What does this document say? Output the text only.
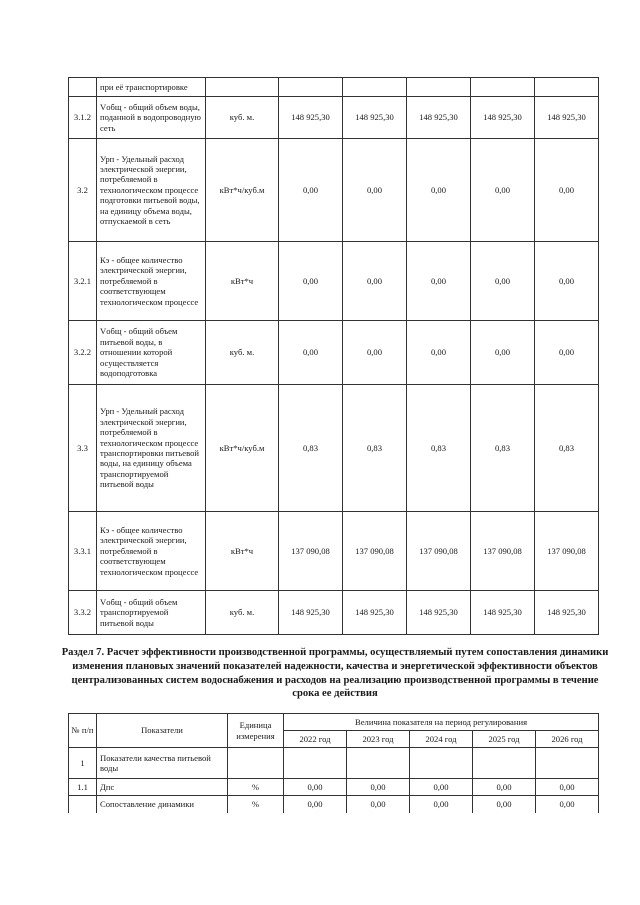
	при её транспортировке						
3.1.2	Vобщ - общий объем воды, поданной в водопроводную сеть	куб. м.	148 925,30	148 925,30	148 925,30	148 925,30	148 925,30
3.2	Урп - Удельный расход электрической энергии, потребляемой в технологическом процессе подготовки питьевой воды, на единицу объема воды, отпускаемой в сеть	кВт*ч/куб.м	0,00	0,00	0,00	0,00	0,00
3.2.1	Кэ - общее количество электрической энергии, потребляемой в соответствующем технологическом процессе	кВт*ч	0,00	0,00	0,00	0,00	0,00
3.2.2	Vобщ - общий объем питьевой воды, в отношении которой осуществляется водоподготовка	куб. м.	0,00	0,00	0,00	0,00	0,00
3.3	Урп - Удельный расход электрической энергии, потребляемой в технологическом процессе транспортировки питьевой воды, на единицу объема транспортируемой питьевой воды	кВт*ч/куб.м	0,83	0,83	0,83	0,83	0,83
3.3.1	Кэ - общее количество электрической энергии, потребляемой в соответствующем технологическом процессе	кВт*ч	137 090,08	137 090,08	137 090,08	137 090,08	137 090,08
3.3.2	Vобщ - общий объем транспортируемой питьевой воды	куб. м.	148 925,30	148 925,30	148 925,30	148 925,30	148 925,30
Раздел 7. Расчет эффективности производственной программы, осуществляемый путем сопоставления динамики изменения плановых значений показателей надежности, качества и энергетической эффективности объектов централизованных систем водоснабжения и расходов на реализацию производственной программы в течение срока ее действия
№ п/п	Показатели	Единица измерения	Величина показателя на период регулирования				
			2022 год	2023 год	2024 год	2025 год	2026 год
1	Показатели качества питьевой воды						
1.1	Дпс	%	0,00	0,00	0,00	0,00	0,00
	Сопоставление динамики	%	0,00	0,00	0,00	0,00	0,00
